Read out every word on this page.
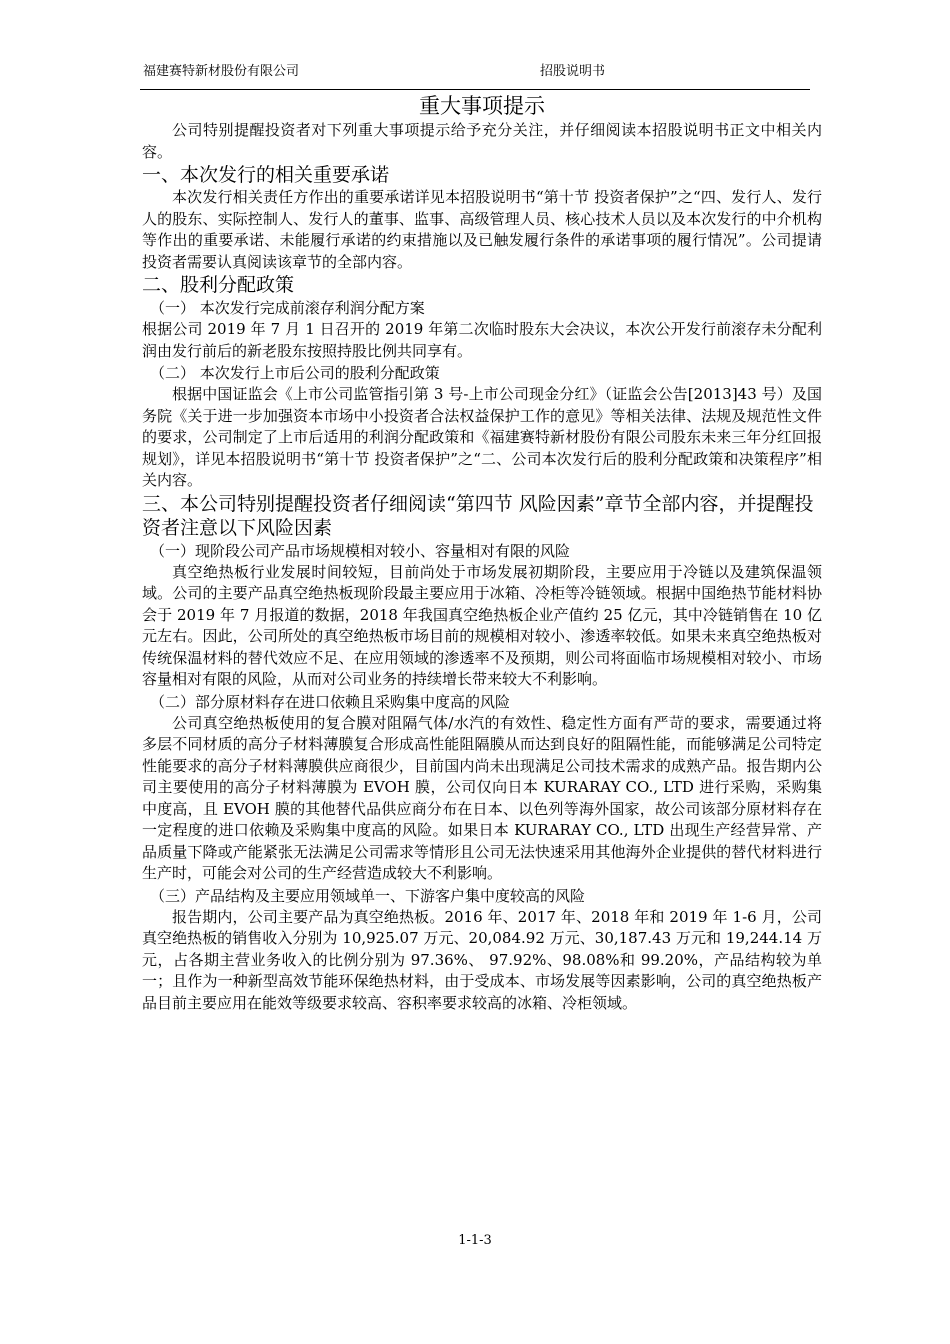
福建赛特新材股份有限公司	招股说明书
重大事项提示

公司特别提醒投资者对下列重大事项提示给予充分关注，并仔细阅读本招股说明书正文中相关内容。

一、本次发行的相关重要承诺

本次发行相关责任方作出的重要承诺详见本招股说明书“第十节 投资者保护”之“四、发行人、发行人的股东、实际控制人、发行人的董事、监事、高级管理人员、核心技术人员以及本次发行的中介机构等作出的重要承诺、未能履行承诺的约束措施以及已触发履行条件的承诺事项的履行情况”。公司提请投资者需要认真阅读该章节的全部内容。

二、股利分配政策
（一） 本次发行完成前滚存利润分配方案

根据公司 2019 年 7 月 1 日召开的 2019 年第二次临时股东大会决议，本次公开发行前滚存未分配利润由发行前后的新老股东按照持股比例共同享有。

（二） 本次发行上市后公司的股利分配政策

根据中国证监会《上市公司监管指引第 3 号-上市公司现金分红》（证监会公告[2013]43 号）及国务院《关于进一步加强资本市场中小投资者合法权益保护工作的意见》等相关法律、法规及规范性文件的要求，公司制定了上市后适用的利润分配政策和《福建赛特新材股份有限公司股东未来三年分红回报规划》，详见本招股说明书“第十节 投资者保护”之“二、公司本次发行后的股利分配政策和决策程序”相关内容。

三、本公司特别提醒投资者仔细阅读“第四节 风险因素”章节全部内容，并提醒投资者注意以下风险因素
（一）现阶段公司产品市场规模相对较小、容量相对有限的风险

真空绝热板行业发展时间较短，目前尚处于市场发展初期阶段，主要应用于冷链以及建筑保温领域。公司的主要产品真空绝热板现阶段最主要应用于冰箱、冷柜等冷链领域。根据中国绝热节能材料协会于 2019 年 7 月报道的数据，2018 年我国真空绝热板企业产值约 25 亿元，其中冷链销售在 10 亿元左右。因此，公司所处的真空绝热板市场目前的规模相对较小、渗透率较低。如果未来真空绝热板对传统保温材料的替代效应不足、在应用领域的渗透率不及预期，则公司将面临市场规模相对较小、市场容量相对有限的风险，从而对公司业务的持续增长带来较大不利影响。

（二）部分原材料存在进口依赖且采购集中度高的风险

公司真空绝热板使用的复合膜对阻隔气体/水汽的有效性、稳定性方面有严苛的要求，需要通过将多层不同材质的高分子材料薄膜复合形成高性能阻隔膜从而达到良好的阻隔性能，而能够满足公司特定性能要求的高分子材料薄膜供应商很少，目前国内尚未出现满足公司技术需求的成熟产品。报告期内公司主要使用的高分子材料薄膜为 EVOH 膜，公司仅向日本 KURARAY CO., LTD 进行采购，采购集中度高，且 EVOH 膜的其他替代品供应商分布在日本、以色列等海外国家，故公司该部分原材料存在一定程度的进口依赖及采购集中度高的风险。如果日本 KURARAY CO., LTD 出现生产经营异常、产品质量下降或产能紧张无法满足公司需求等情形且公司无法快速采用其他海外企业提供的替代材料进行生产时，可能会对公司的生产经营造成较大不利影响。

（三）产品结构及主要应用领域单一、下游客户集中度较高的风险

报告期内，公司主要产品为真空绝热板。2016 年、2017 年、2018 年和 2019 年 1-6 月，公司真空绝热板的销售收入分别为 10,925.07 万元、20,084.92 万元、30,187.43 万元和 19,244.14 万元，占各期主营业务收入的比例分别为 97.36%、 97.92%、98.08%和 99.20%，产品结构较为单一；且作为一种新型高效节能环保绝热材料，由于受成本、市场发展等因素影响，公司的真空绝热板产品目前主要应用在能效等级要求较高、容积率要求较高的冰箱、冷柜领域。

1-1-3
